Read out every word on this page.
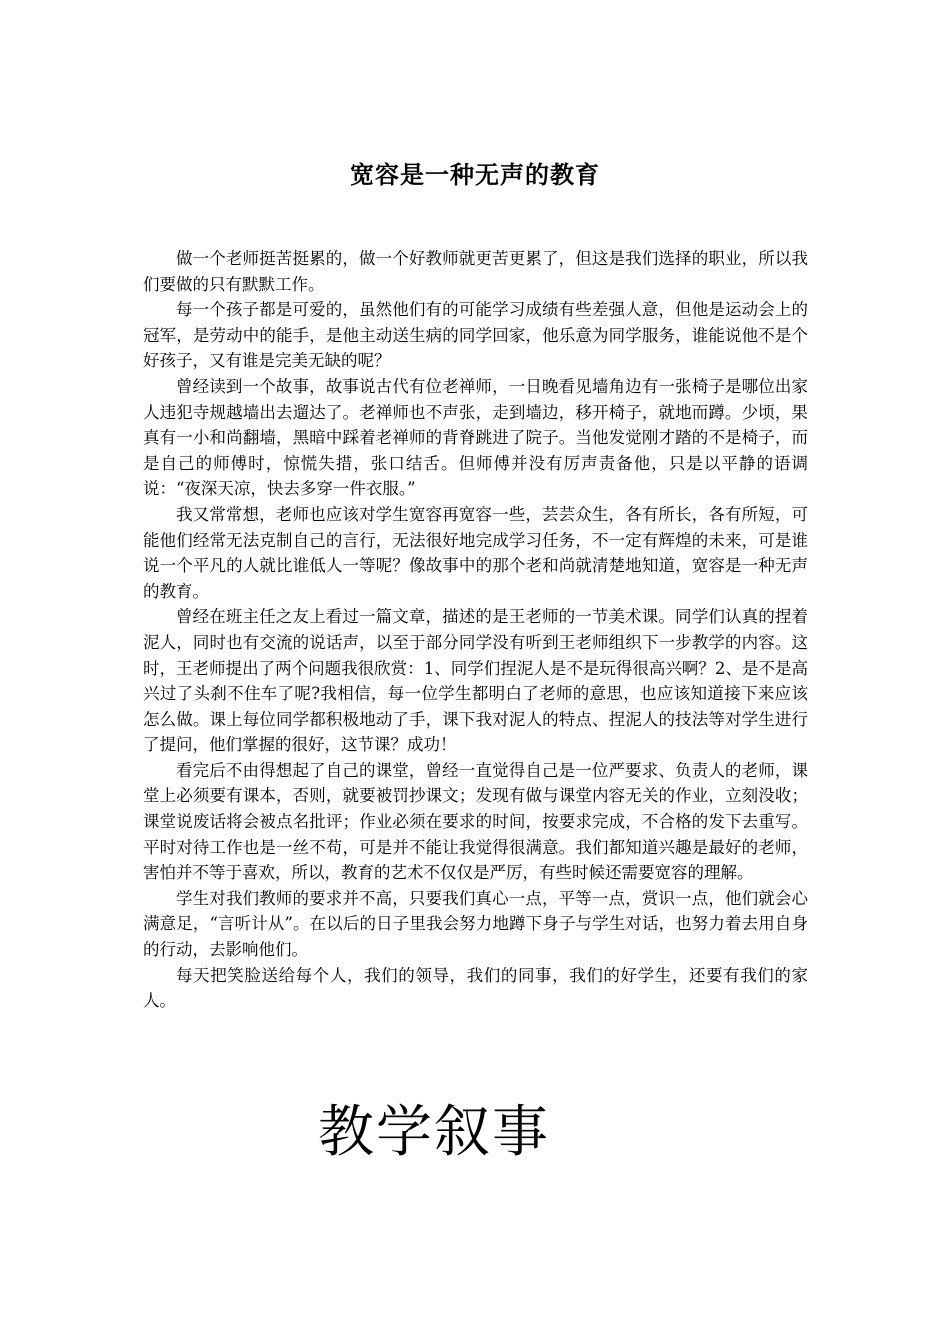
宽容是一种无声的教育

做一个老师挺苦挺累的，做一个好教师就更苦更累了，但这是我们选择的职业，所以我们要做的只有默默工作。

每一个孩子都是可爱的，虽然他们有的可能学习成绩有些差强人意，但他是运动会上的冠军，是劳动中的能手，是他主动送生病的同学回家，他乐意为同学服务，谁能说他不是个好孩子，又有谁是完美无缺的呢？

曾经读到一个故事，故事说古代有位老禅师，一日晚看见墙角边有一张椅子是哪位出家人违犯寺规越墙出去遛达了。老禅师也不声张，走到墙边，移开椅子，就地而蹲。少顷，果真有一小和尚翻墙，黑暗中踩着老禅师的背脊跳进了院子。当他发觉刚才踏的不是椅子，而是自己的师傅时，惊慌失措，张口结舌。但师傅并没有厉声责备他，只是以平静的语调说：“夜深天凉，快去多穿一件衣服。”

我又常常想，老师也应该对学生宽容再宽容一些，芸芸众生，各有所长，各有所短，可能他们经常无法克制自己的言行，无法很好地完成学习任务，不一定有辉煌的未来，可是谁说一个平凡的人就比谁低人一等呢？像故事中的那个老和尚就清楚地知道，宽容是一种无声的教育。

曾经在班主任之友上看过一篇文章，描述的是王老师的一节美术课。同学们认真的捏着泥人，同时也有交流的说话声，以至于部分同学没有听到王老师组织下一步教学的内容。这时，王老师提出了两个问题我很欣赏：1、同学们捏泥人是不是玩得很高兴啊？2、是不是高兴过了头刹不住车了呢?我相信，每一位学生都明白了老师的意思，也应该知道接下来应该怎么做。课上每位同学都积极地动了手，课下我对泥人的特点、捏泥人的技法等对学生进行了提问，他们掌握的很好，这节课？成功！

看完后不由得想起了自己的课堂，曾经一直觉得自己是一位严要求、负责人的老师，课堂上必须要有课本，否则，就要被罚抄课文；发现有做与课堂内容无关的作业，立刻没收；课堂说废话将会被点名批评；作业必须在要求的时间，按要求完成，不合格的发下去重写。平时对待工作也是一丝不苟，可是并不能让我觉得很满意。我们都知道兴趣是最好的老师，害怕并不等于喜欢，所以，教育的艺术不仅仅是严厉，有些时候还需要宽容的理解。

学生对我们教师的要求并不高，只要我们真心一点，平等一点，赏识一点，他们就会心满意足，“言听计从”。在以后的日子里我会努力地蹲下身子与学生对话，也努力着去用自身的行动，去影响他们。

每天把笑脸送给每个人，我们的领导，我们的同事，我们的好学生，还要有我们的家人。

教学叙事
